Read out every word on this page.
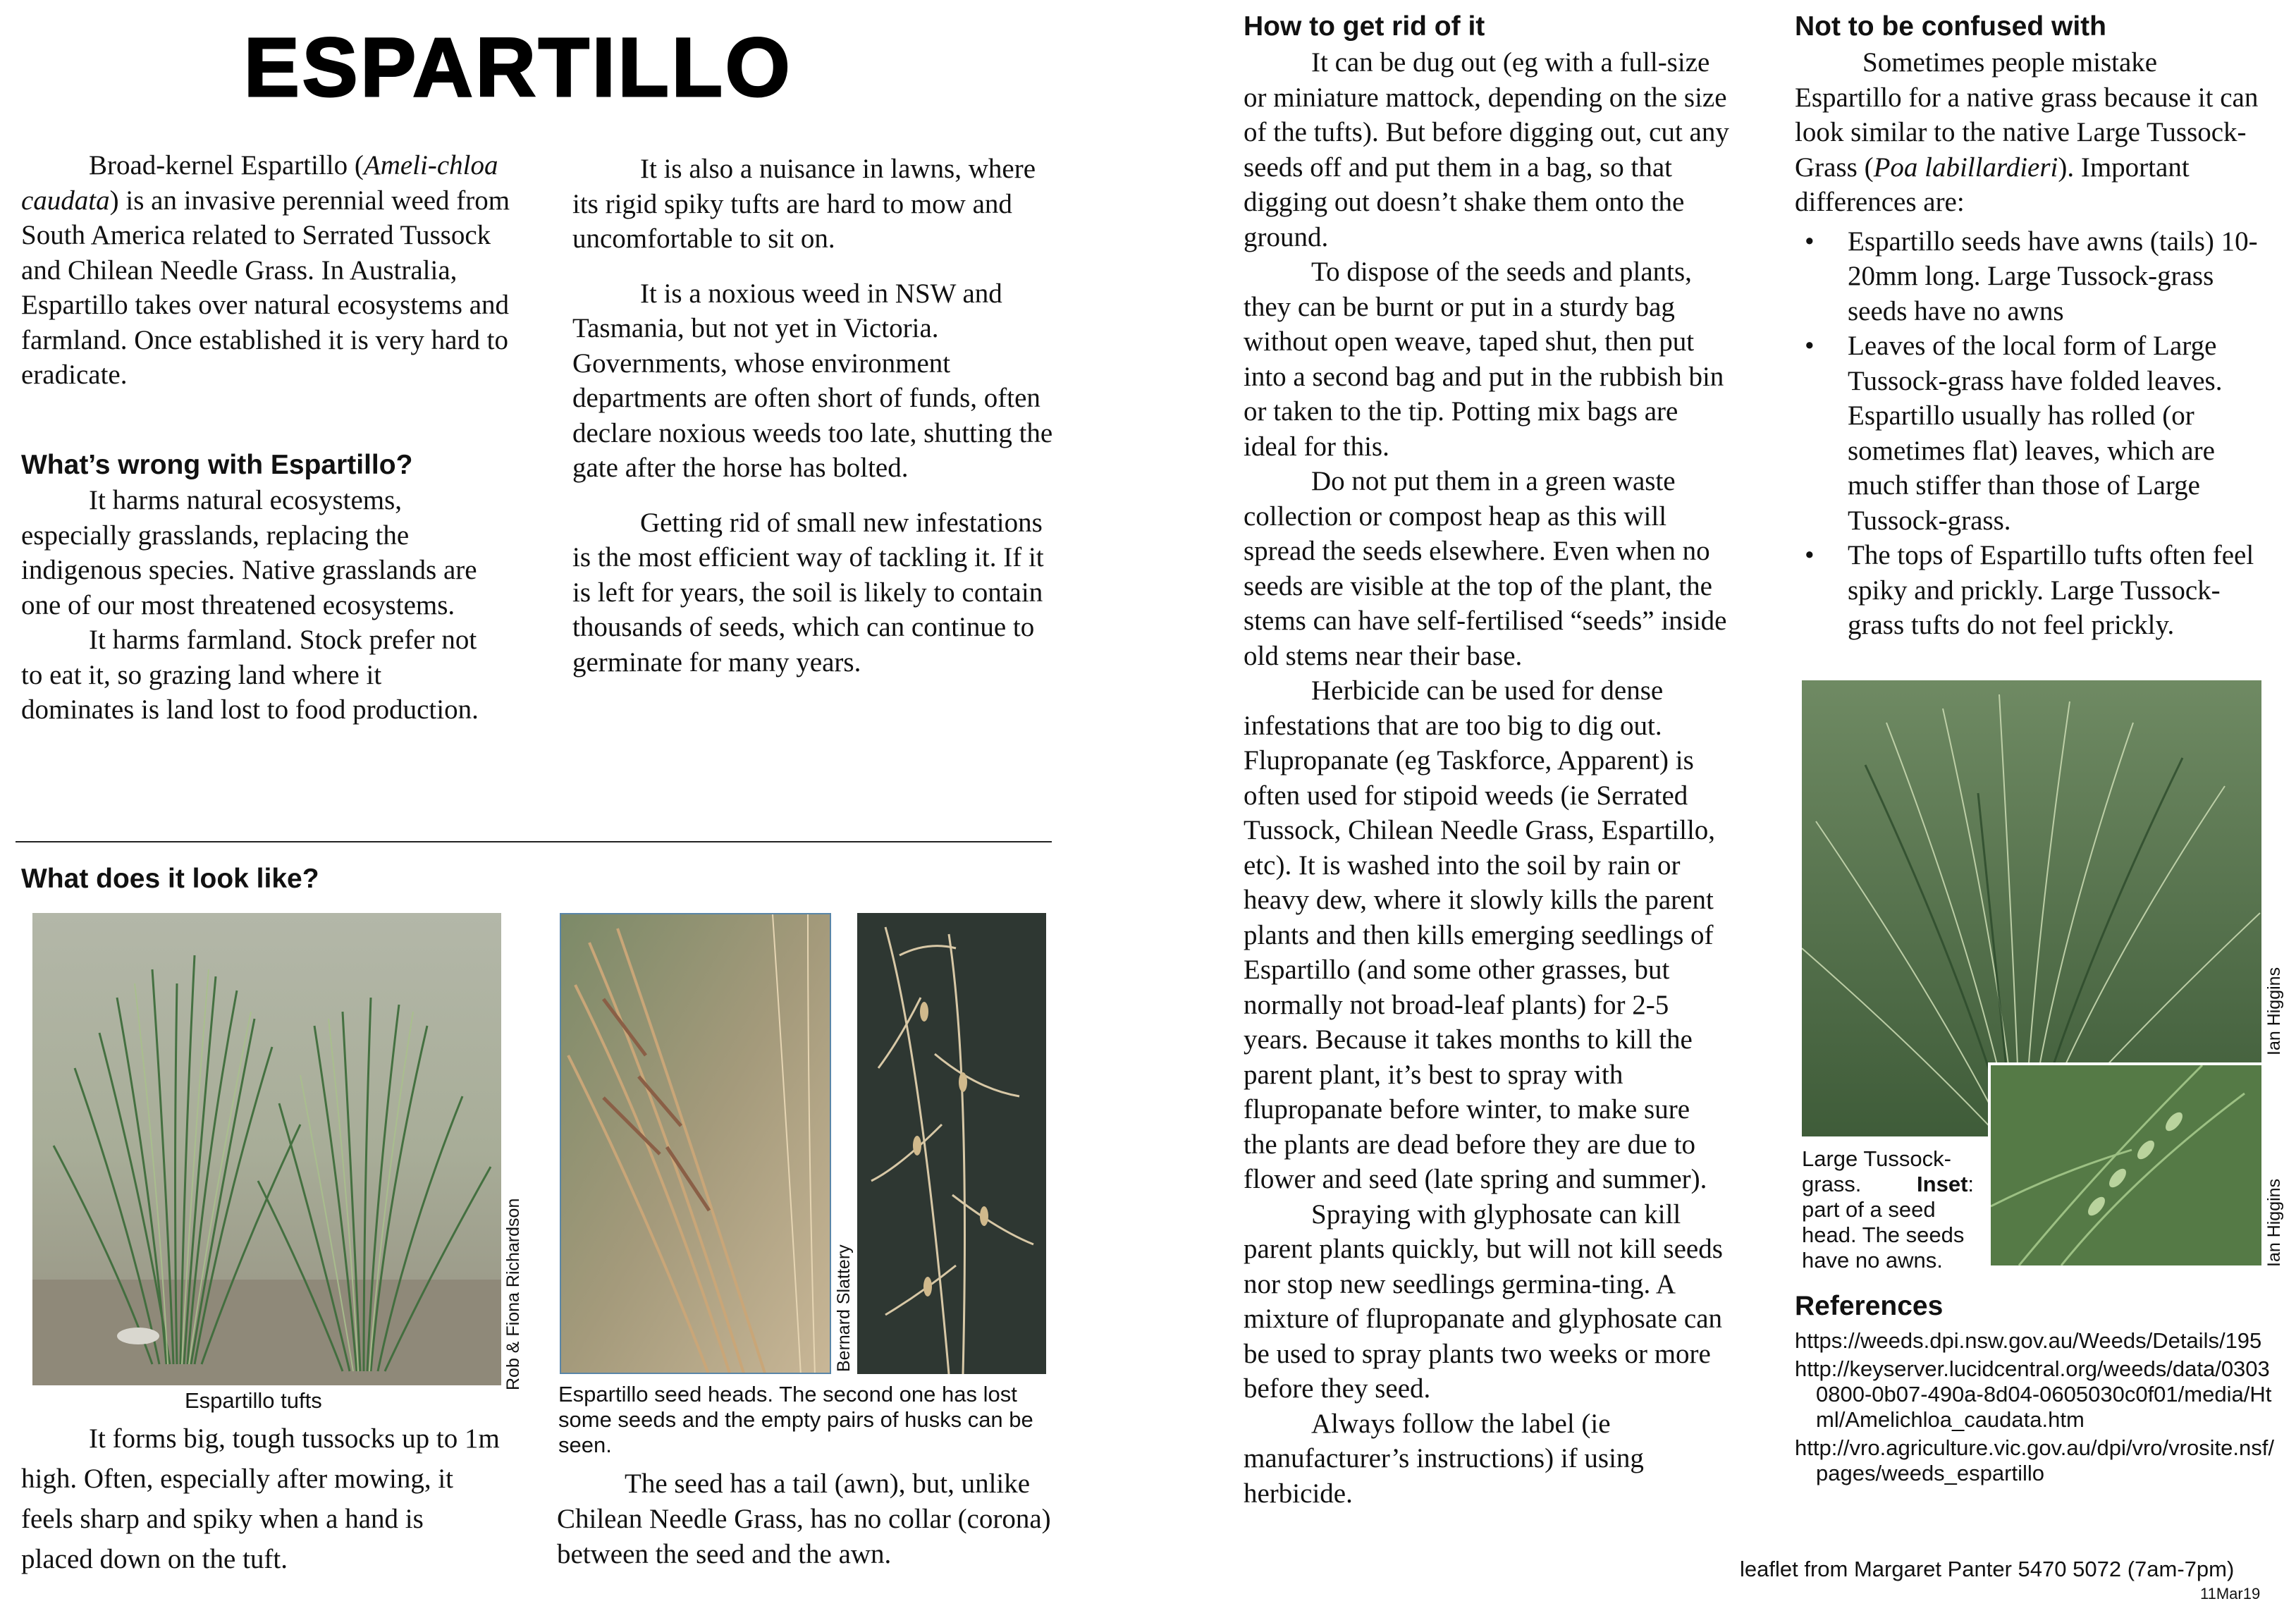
ESPARTILLO

Broad-kernel Espartillo (Ameli-chloa caudata) is an invasive perennial weed from South America related to Serrated Tussock and Chilean Needle Grass. In Australia, Espartillo takes over natural ecosystems and farmland. Once established it is very hard to eradicate.

What’s wrong with Espartillo?

It harms natural ecosystems, especially grasslands, replacing the indigenous species. Native grasslands are one of our most threatened ecosystems.

It harms farmland. Stock prefer not to eat it, so grazing land where it dominates is land lost to food production.

It is also a nuisance in lawns, where its rigid spiky tufts are hard to mow and uncomfortable to sit on.

It is a noxious weed in NSW and Tasmania, but not yet in Victoria. Governments, whose environment departments are often short of funds, often declare noxious weeds too late, shutting the gate after the horse has bolted.

Getting rid of small new infestations is the most efficient way of tackling it. If it is left for years, the soil is likely to contain thousands of seeds, which can continue to germinate for many years.

What does it look like?
Rob & Fiona Richardson
Espartillo tufts
Bernard Slattery
Espartillo seed heads. The second one has lost some seeds and the empty pairs of husks can be seen.

It forms big, tough tussocks up to 1m high. Often, especially after mowing, it feels sharp and spiky when a hand is placed down on the tuft.

The seed has a tail (awn), but, unlike Chilean Needle Grass, has no collar (corona) between the seed and the awn.

How to get rid of it

It can be dug out (eg with a full-size or miniature mattock, depending on the size of the tufts). But before digging out, cut any seeds off and put them in a bag, so that digging out doesn’t shake them onto the ground.

To dispose of the seeds and plants, they can be burnt or put in a sturdy bag without open weave, taped shut, then put into a second bag and put in the rubbish bin or taken to the tip. Potting mix bags are ideal for this.

Do not put them in a green waste collection or compost heap as this will spread the seeds elsewhere. Even when no seeds are visible at the top of the plant, the stems can have self-fertilised “seeds” inside old stems near their base.

Herbicide can be used for dense infestations that are too big to dig out. Flupropanate (eg Taskforce, Apparent) is often used for stipoid weeds (ie Serrated Tussock, Chilean Needle Grass, Espartillo, etc). It is washed into the soil by rain or heavy dew, where it slowly kills the parent plants and then kills emerging seedlings of Espartillo (and some other grasses, but normally not broad-leaf plants) for 2-5 years. Because it takes months to kill the parent plant, it’s best to spray with flupropanate before winter, to make sure the plants are dead before they are due to flower and seed (late spring and summer).

Spraying with glyphosate can kill parent plants quickly, but will not kill seeds nor stop new seedlings germina-ting. A mixture of flupropanate and glyphosate can be used to spray plants two weeks or more before they seed.

Always follow the label (ie manufacturer’s instructions) if using herbicide.

Not to be confused with

Sometimes people mistake Espartillo for a native grass because it can look similar to the native Large Tussock-Grass (Poa labillardieri). Important differences are:

• Espartillo seeds have awns (tails) 10-20mm long. Large Tussock-grass seeds have no awns
• Leaves of the local form of Large Tussock-grass have folded leaves. Espartillo usually has rolled (or sometimes flat) leaves, which are much stiffer than those of Large Tussock-grass.
• The tops of Espartillo tufts often feel spiky and prickly. Large Tussock-grass tufts do not feel prickly.
Ian Higgins
Ian Higgins
Large Tussock-grass.	Inset: part of a seed head. The seeds have no awns.
References

https://weeds.dpi.nsw.gov.au/Weeds/Details/195

http://keyserver.lucidcentral.org/weeds/data/03030800-0b07-490a-8d04-0605030c0f01/media/Html/Amelichloa_caudata.htm

http://vro.agriculture.vic.gov.au/dpi/vro/vrosite.nsf/pages/weeds_espartillo

leaflet from Margaret Panter 5470 5072 (7am-7pm)
11Mar19
